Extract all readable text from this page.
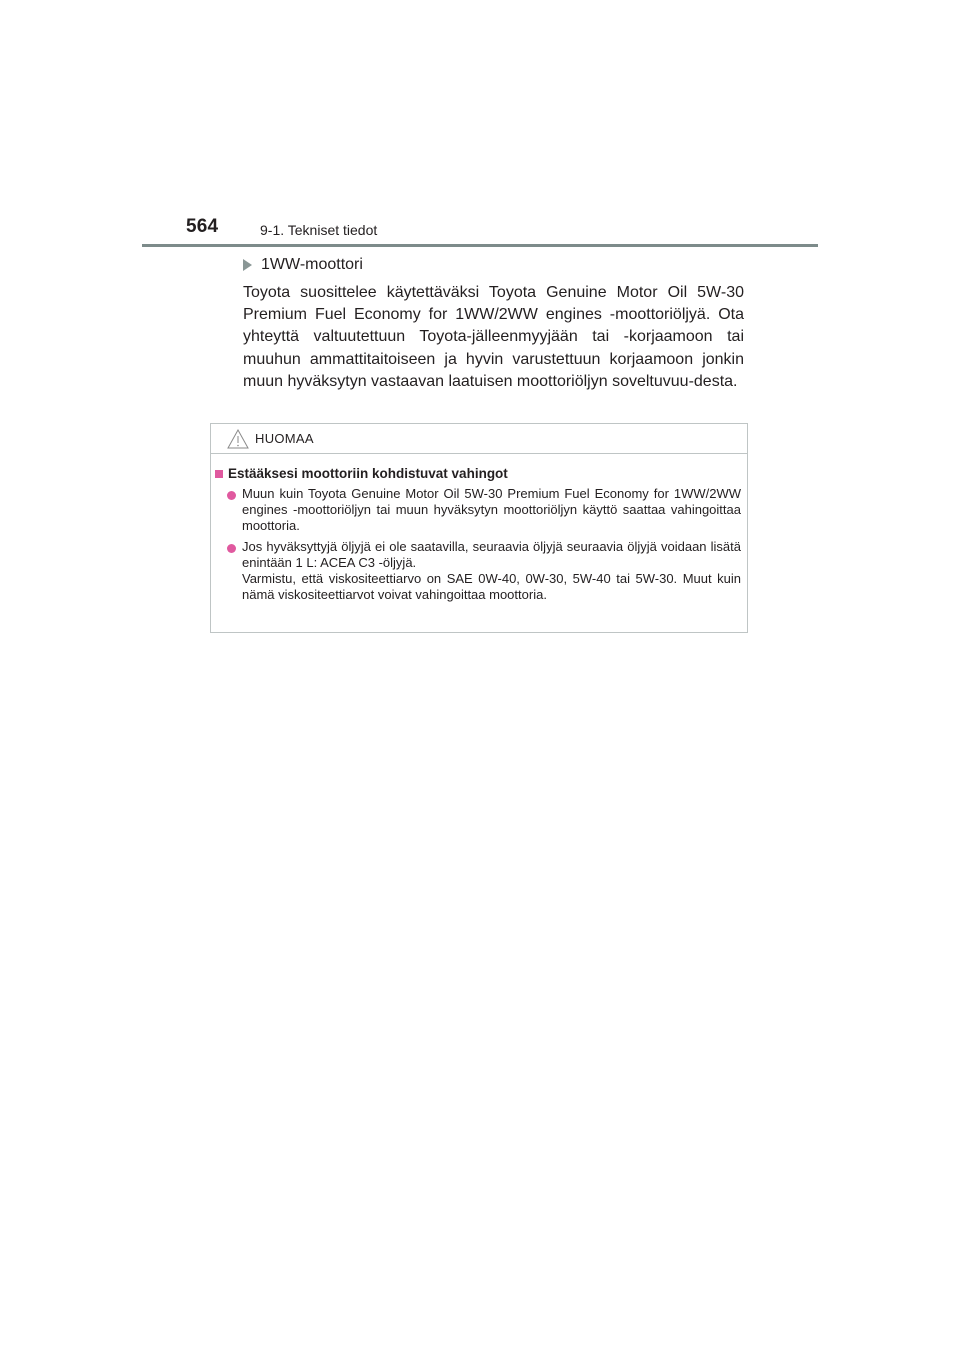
564	9-1. Tekniset tiedot
1WW-moottori

Toyota suosittelee käytettäväksi Toyota Genuine Motor Oil 5W-30 Premium Fuel Economy for 1WW/2WW engines -moottoriöljyä. Ota yhteyttä valtuutettuun Toyota-jälleenmyyjään tai -korjaamoon tai muuhun ammattitaitoiseen ja hyvin varustettuun korjaamoon jonkin muun hyväksytyn vastaavan laatuisen moottoriöljyn soveltuvuu-desta.

HUOMAA
Estääksesi moottoriin kohdistuvat vahingot
Muun kuin Toyota Genuine Motor Oil 5W-30 Premium Fuel Economy for 1WW/2WW engines -moottoriöljyn tai muun hyväksytyn moottoriöljyn käyttö saattaa vahingoittaa moottoria.
Jos hyväksyttyjä öljyjä ei ole saatavilla, seuraavia öljyjä seuraavia öljyjä voidaan lisätä enintään 1 L: ACEA C3 -öljyjä.
Varmistu, että viskositeettiarvo on SAE 0W-40, 0W-30, 5W-40 tai 5W-30. Muut kuin nämä viskositeettiarvot voivat vahingoittaa moottoria.
